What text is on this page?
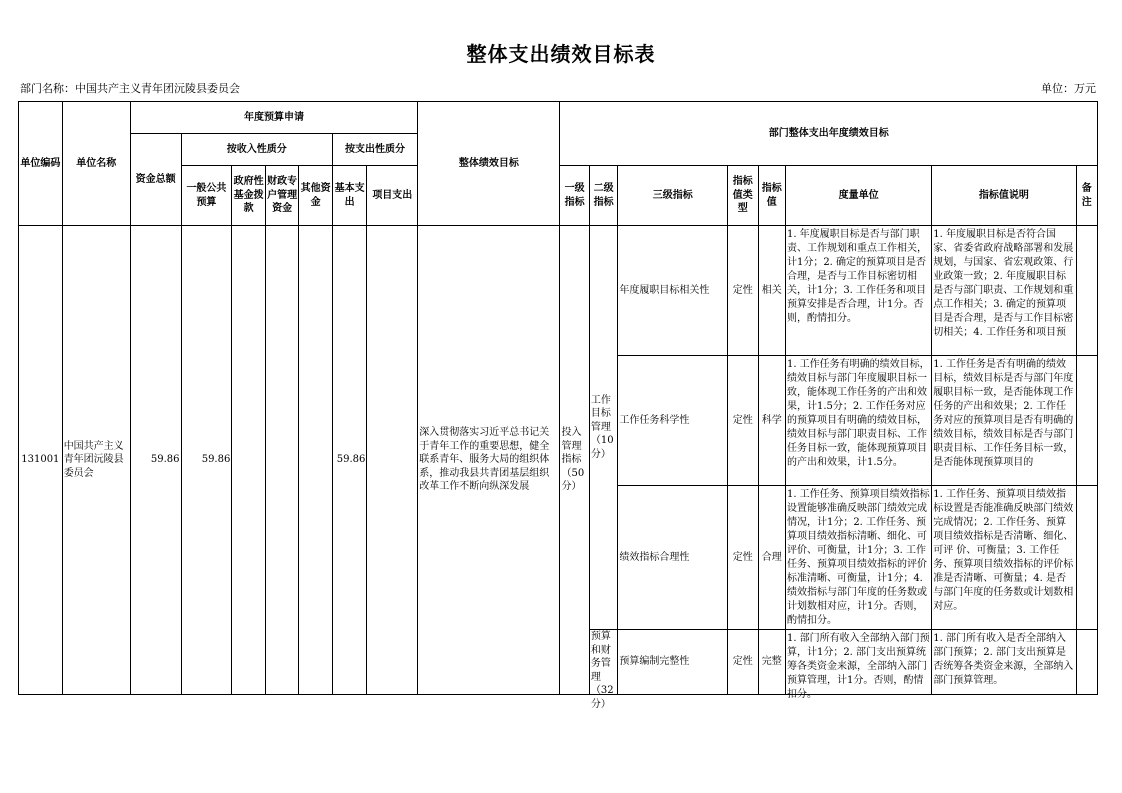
整体支出绩效目标表
部门名称：中国共产主义青年团沅陵县委员会	单位：万元
单位编码	单位名称	年度预算申请							整体绩效目标	部门整体支出年度绩效目标							
		资金总额	按收入性质分				按支出性质分										
			一般公共预算	政府性基金拨款	财政专户管理资金	其他资金	基本支出	项目支出		一级指标	二级指标	三级指标	指标值类型	指标值	度量单位	指标值说明	备注

131001	中国共产主义青年团沅陵县委员会	59.86	59.86				59.86		深入贯彻落实习近平总书记关于青年工作的重要思想，健全联系青年、服务大局的组织体系，推动我县共青团基层组织改革工作不断向纵深发展	投入管理指标（50分）	工作目标管理（10分）	年度履职目标相关性	定性	相关	1. 年度履职目标是否与部门职责、工作规划和重点工作相关，计1分；2. 确定的预算项目是否合理，是否与工作目标密切相关，计1分；3. 工作任务和项目预算安排是否合理，计1分。否则，酌情扣分。	1. 年度履职目标是否符合国家、省委省政府战略部署和发展规划，与国家、省宏观政策、行业政策一致；2. 年度履职目标是否与部门职责、工作规划和重点工作相关；3. 确定的预算项目是否合理，是否与工作目标密切相关；4. 工作任务和项目预	

												工作任务科学性	定性	科学	1. 工作任务有明确的绩效目标，绩效目标与部门年度履职目标一致，能体现工作任务的产出和效果，计1.5分；2. 工作任务对应的预算项目有明确的绩效目标，绩效目标与部门职责目标、工作任务目标一致，能体现预算项目的产出和效果，计1.5分。	1. 工作任务是否有明确的绩效目标，绩效目标是否与部门年度履职目标一致，是否能体现工作任务的产出和效果；2. 工作任务对应的预算项目是否有明确的绩效目标，绩效目标是否与部门职责目标、工作任务目标一致，是否能体现预算项目的	

												绩效指标合理性	定性	合理	1. 工作任务、预算项目绩效指标设置能够准确反映部门绩效完成情况，计1分；2. 工作任务、预算项目绩效指标清晰、细化、可评价、可衡量，计1分；3. 工作任务、预算项目绩效指标的评价标准清晰、可衡量，计1分；4. 绩效指标与部门年度的任务数或计划数相对应，计1分。否则，酌情扣分。	1. 工作任务、预算项目绩效指标设置是否能准确反映部门绩效完成情况；2. 工作任务、预算项目绩效指标是否清晰、细化、可评 价、可衡量；3. 工作任务、预算项目绩效指标的评价标准是否清晰、可衡量；4. 是否与部门年度的任务数或计划数相对应。	

											预算和财务管理（32分）	预算编制完整性	定性	完整	1. 部门所有收入全部纳入部门预算，计1分；2. 部门支出预算统筹各类资金来源，全部纳入部门预算管理，计1分。否则，酌情扣分。	1. 部门所有收入是否全部纳入部门预算；2. 部门支出预算是否统筹各类资金来源，全部纳入部门预算管理。	
